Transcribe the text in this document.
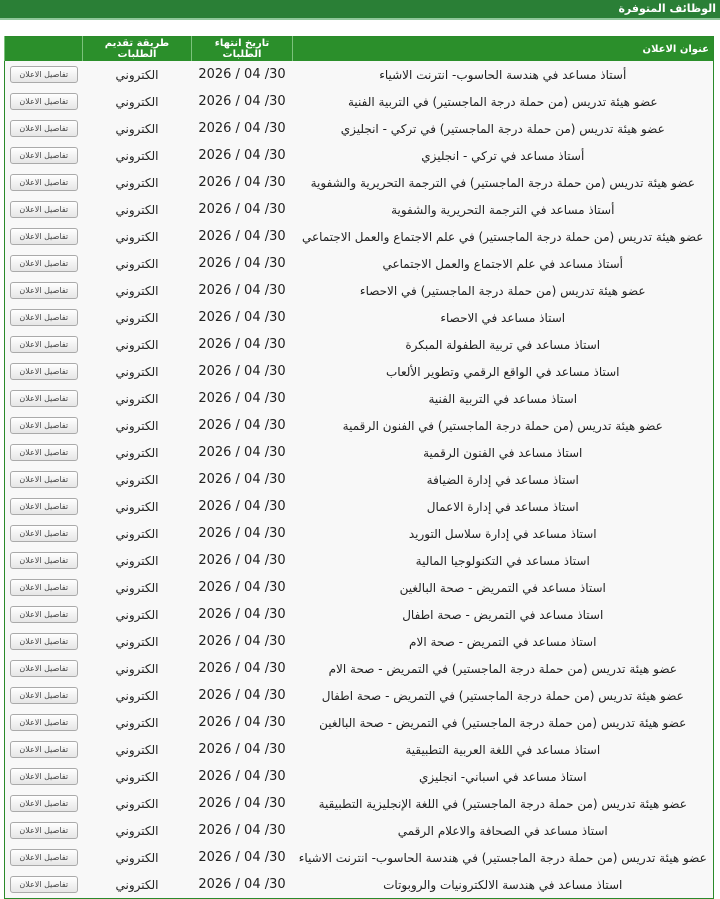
الوظائف المتوفرة
عنوان الاعلان	تاريخ انتهاء الطلبات	طريقة تقديم الطلبات	
أستاذ مساعد في هندسة الحاسوب- انترنت الاشياء	2026 / 04 /30	الكتروني	تفاصيل الاعلان
عضو هيئة تدريس (من حملة درجة الماجستير) في التربية الفنية	2026 / 04 /30	الكتروني	تفاصيل الاعلان
عضو هيئة تدريس (من حملة درجة الماجستير) في تركي - انجليزي	2026 / 04 /30	الكتروني	تفاصيل الاعلان
أستاذ مساعد في تركي - انجليزي	2026 / 04 /30	الكتروني	تفاصيل الاعلان
عضو هيئة تدريس (من حملة درجة الماجستير) في الترجمة التحريرية والشفوية	2026 / 04 /30	الكتروني	تفاصيل الاعلان
أستاذ مساعد في الترجمة التحريرية والشفوية	2026 / 04 /30	الكتروني	تفاصيل الاعلان
عضو هيئة تدريس (من حملة درجة الماجستير) في علم الاجتماع والعمل الاجتماعي	2026 / 04 /30	الكتروني	تفاصيل الاعلان
أستاذ مساعد في علم الاجتماع والعمل الاجتماعي	2026 / 04 /30	الكتروني	تفاصيل الاعلان
عضو هيئة تدريس (من حملة درجة الماجستير) في الاحصاء	2026 / 04 /30	الكتروني	تفاصيل الاعلان
استاذ مساعد في الاحصاء	2026 / 04 /30	الكتروني	تفاصيل الاعلان
استاذ مساعد في تربية الطفولة المبكرة	2026 / 04 /30	الكتروني	تفاصيل الاعلان
استاذ مساعد في الواقع الرقمي وتطوير الألعاب	2026 / 04 /30	الكتروني	تفاصيل الاعلان
استاذ مساعد في التربية الفنية	2026 / 04 /30	الكتروني	تفاصيل الاعلان
عضو هيئة تدريس (من حملة درجة الماجستير) في الفنون الرقمية	2026 / 04 /30	الكتروني	تفاصيل الاعلان
استاذ مساعد في الفنون الرقمية	2026 / 04 /30	الكتروني	تفاصيل الاعلان
استاذ مساعد في إدارة الضيافة	2026 / 04 /30	الكتروني	تفاصيل الاعلان
استاذ مساعد في إدارة الاعمال	2026 / 04 /30	الكتروني	تفاصيل الاعلان
استاذ مساعد في إدارة سلاسل التوريد	2026 / 04 /30	الكتروني	تفاصيل الاعلان
استاذ مساعد في التكنولوجيا المالية	2026 / 04 /30	الكتروني	تفاصيل الاعلان
استاذ مساعد في التمريض - صحة البالغين	2026 / 04 /30	الكتروني	تفاصيل الاعلان
استاذ مساعد في التمريض - صحة اطفال	2026 / 04 /30	الكتروني	تفاصيل الاعلان
استاذ مساعد في التمريض - صحة الام	2026 / 04 /30	الكتروني	تفاصيل الاعلان
عضو هيئة تدريس (من حملة درجة الماجستير) في التمريض - صحة الام	2026 / 04 /30	الكتروني	تفاصيل الاعلان
عضو هيئة تدريس (من حملة درجة الماجستير) في التمريض - صحة اطفال	2026 / 04 /30	الكتروني	تفاصيل الاعلان
عضو هيئة تدريس (من حملة درجة الماجستير) في التمريض - صحة البالغين	2026 / 04 /30	الكتروني	تفاصيل الاعلان
استاذ مساعد في اللغة العربية التطبيقية	2026 / 04 /30	الكتروني	تفاصيل الاعلان
استاذ مساعد في اسباني- انجليزي	2026 / 04 /30	الكتروني	تفاصيل الاعلان
عضو هيئة تدريس (من حملة درجة الماجستير) في اللغة الإنجليزية التطبيقية	2026 / 04 /30	الكتروني	تفاصيل الاعلان
استاذ مساعد في الصحافة والاعلام الرقمي	2026 / 04 /30	الكتروني	تفاصيل الاعلان
عضو هيئة تدريس (من حملة درجة الماجستير) في هندسة الحاسوب- انترنت الاشياء	2026 / 04 /30	الكتروني	تفاصيل الاعلان
استاذ مساعد في هندسة الالكترونيات والروبوتات	2026 / 04 /30	الكتروني	تفاصيل الاعلان
